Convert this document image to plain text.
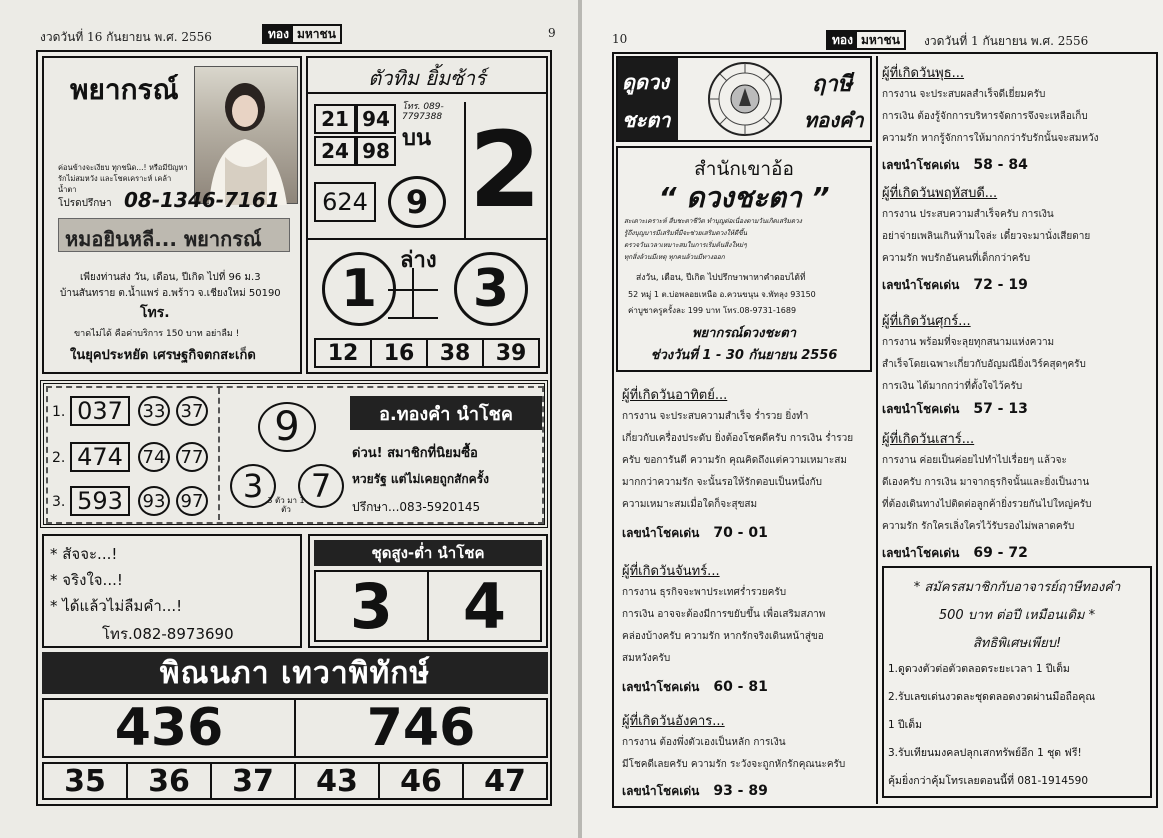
งวดวันที่ 16 กันยายน พ.ศ. 2556	ทอง มหาชน	9
พยากรณ์
ค่อนข้างจะเงียบ ทุกชนิด...! หรือมีปัญหารักไม่สมหวัง และโชคเคราะห์ เคล้าน้ำตา
โปรดปรึกษา 08-1346-7161
หมอยินหลี... พยากรณ์
เพียงท่านส่ง วัน, เดือน, ปีเกิด ไปที่ 96 ม.3
บ้านสันทราย ต.น้ำแพร่ อ.พร้าว จ.เชียงใหม่ 50190
โทร.
ขาดไม่ได้ คือค่าบริการ 150 บาท อย่าลืม !
ในยุคประหยัด เศรษฐกิจตกสะเก็ด
ตัวทิม ยิ้มซ้าร์
21 94
24 98
โทร. 089-7797388
บน 2
624	9
ล่าง
1	3
12	16	38	39
1. 037	33 37
2. 474	74 77
3. 593	93 97
9
3	7
3 ตัว มา 1 ตัว
อ.ทองคำ นำโชค
ด่วน! สมาชิกที่นิยมซื้อ
หวยรัฐ แต่ไม่เคยถูกสักครั้ง
ปรึกษา...083-5920145
* สัจจะ...!
* จริงใจ...!
* ได้แล้วไม่ลืมคำ...!
โทร.082-8973690
ชุดสูง-ต่ำ นำโชค
3	4
พิณนภา เทวาพิทักษ์
436	746
35	36	37	43	46	47
10	ทอง มหาชน	งวดวันที่ 1 กันยายน พ.ศ. 2556
ดูดวง
ชะตา
ฤาษี
ทองคำ
สำนักเขาอ้อ
“ ดวงชะตา ”
สะเดาะเคราะห์ สืบชะตาชีวิต ทำบุญต่อเนื่องตามวันเกิดเสริมดวง
รู้ถึงบุญบารมีเสริมที่มีจะช่วยเสริมดวงให้ดีขึ้น
ตรวจวันเวลาเหมาะสมในการเริ่มต้นสิ่งใหม่ๆ
ทุกสิ่งล้วนมีเหตุ ทุกคนล้วนมีทางออก
ส่งวัน, เดือน, ปีเกิด ไปปรึกษาพาหาคำตอบได้ที่
52 หมู่ 1 ต.บ่อพลอยเหนือ อ.ควนขนุน จ.พัทลุง 93150
ค่าบูชาครูครั้งละ 199 บาท โทร.08-9731-1689
พยากรณ์ดวงชะตา
ช่วงวันที่ 1 - 30 กันยายน 2556
ผู้ที่เกิดวันอาทิตย์...
การงาน จะประสบความสำเร็จ ร่ำรวย ยิ่งทำ
เกี่ยวกับเครื่องประดับ ยิ่งต้องโชคดีครับ การเงิน ร่ำรวย
ครับ ขอการันตี ความรัก คุณคิดถึงแต่ความเหมาะสม
มากกว่าความรัก จะนั้นรอให้รักตอบเป็นหนึ่งกับ
ความเหมาะสมเมื่อใดก็จะสุขสม
เลขนำโชคเด่น 70 - 01
ผู้ที่เกิดวันจันทร์...
การงาน ธุรกิจจะพาประเทศร่ำรวยครับ
การเงิน อาจจะต้องมีการขยับขึ้น เพื่อเสริมสภาพ
คล่องบ้างครับ ความรัก หากรักจริงเดินหน้าสู่ขอ
สมหวังครับ
เลขนำโชคเด่น 60 - 81
ผู้ที่เกิดวันอังคาร...
การงาน ต้องพึ่งตัวเองเป็นหลัก การเงิน
มีโชคดีเลยครับ ความรัก ระวังจะถูกหักรักคุณนะครับ
เลขนำโชคเด่น 93 - 89
ผู้ที่เกิดวันพุธ...
การงาน จะประสบผลสำเร็จดีเยี่ยมครับ
การเงิน ต้องรู้จักการบริหารจัดการจึงจะเหลือเก็บ
ความรัก หากรู้จักการให้มากกว่ารับรักนั้นจะสมหวัง
เลขนำโชคเด่น 58 - 84
ผู้ที่เกิดวันพฤหัสบดี...
การงาน ประสบความสำเร็จครับ การเงิน
อย่าจ่ายเพลินเกินห้ามใจล่ะ เดี๋ยวจะมานั่งเสียดาย
ความรัก พบรักอันคนที่เด็กกว่าครับ
เลขนำโชคเด่น 72 - 19
ผู้ที่เกิดวันศุกร์...
การงาน พร้อมที่จะลุยทุกสนามแห่งความ
สำเร็จโดยเฉพาะเกี่ยวกับอัญมณียิ่งเวิร์คสุดๆครับ
การเงิน ได้มากกว่าที่ตั้งใจไว้ครับ
เลขนำโชคเด่น 57 - 13
ผู้ที่เกิดวันเสาร์...
การงาน ค่อยเป็นค่อยไปทำไปเรื่อยๆ แล้วจะ
ดีเองครับ การเงิน มาจากธุรกิจนั้นและยิ่งเป็นงาน
ที่ต้องเดินทางไปติดต่อลูกค้ายิ่งรวยกันไปใหญ่ครับ
ความรัก รักใครเลิ่งใครไว้รับรองไม่พลาดครับ
เลขนำโชคเด่น 69 - 72
* สมัครสมาชิกกับอาจารย์ฤาษีทองคำ
500 บาท ต่อปี เหมือนเดิม *
สิทธิพิเศษเพียบ!
1.ดูดวงตัวต่อตัวตลอดระยะเวลา 1 ปีเต็ม
2.รับเลขเด่นงวดละชุดตลอดงวดผ่านมือถือคุณ
1 ปีเต็ม
3.รับเทียนมงคลปลุกเสกทรัพย์อีก 1 ชุด ฟรี!
คุ้มยิ่งกว่าคุ้มโทรเลยตอนนี้ที่ 081-1914590
